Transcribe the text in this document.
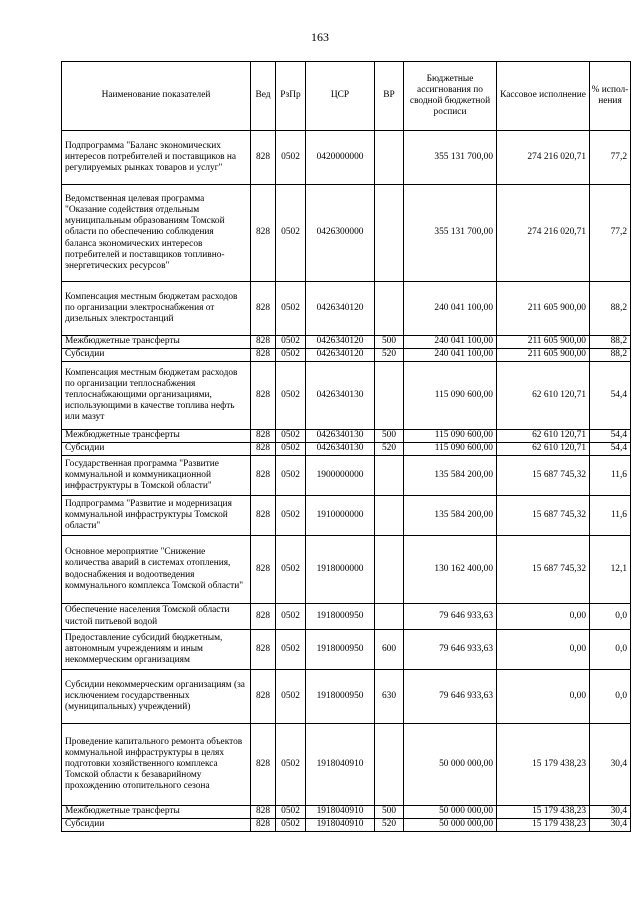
163
Наименование показателей	Вед	РзПр	ЦСР	ВР	Бюджетные ассигнования по сводной бюджетной росписи	Кассовое исполнение	% испол-нения
Подпрограмма "Баланс экономических интересов потребителей и поставщиков на регулируемых рынках товаров и услуг"	828	0502	0420000000		355 131 700,00	274 216 020,71	77,2
Ведомственная целевая программа "Оказание содействия отдельным муниципальным образованиям Томской области по обеспечению соблюдения баланса экономических интересов потребителей и поставщиков топливно-энергетических ресурсов"	828	0502	0426300000		355 131 700,00	274 216 020,71	77,2
Компенсация местным бюджетам расходов по организации электроснабжения от дизельных электростанций	828	0502	0426340120		240 041 100,00	211 605 900,00	88,2
Межбюджетные трансферты	828	0502	0426340120	500	240 041 100,00	211 605 900,00	88,2
Субсидии	828	0502	0426340120	520	240 041 100,00	211 605 900,00	88,2
Компенсация местным бюджетам расходов по организации теплоснабжения теплоснабжающими организациями, использующими в качестве топлива нефть или мазут	828	0502	0426340130		115 090 600,00	62 610 120,71	54,4
Межбюджетные трансферты	828	0502	0426340130	500	115 090 600,00	62 610 120,71	54,4
Субсидии	828	0502	0426340130	520	115 090 600,00	62 610 120,71	54,4
Государственная программа "Развитие коммунальной и коммуникационной инфраструктуры в Томской области"	828	0502	1900000000		135 584 200,00	15 687 745,32	11,6
Подпрограмма "Развитие и модернизация коммунальной инфраструктуры Томской области"	828	0502	1910000000		135 584 200,00	15 687 745,32	11,6
Основное мероприятие "Снижение количества аварий в системах отопления, водоснабжения и водоотведения коммунального комплекса Томской области"	828	0502	1918000000		130 162 400,00	15 687 745,32	12,1
Обеспечение населения Томской области чистой питьевой водой	828	0502	1918000950		79 646 933,63	0,00	0,0
Предоставление субсидий бюджетным, автономным учреждениям и иным некоммерческим организациям	828	0502	1918000950	600	79 646 933,63	0,00	0,0
Субсидии некоммерческим организациям (за исключением государственных (муниципальных) учреждений)	828	0502	1918000950	630	79 646 933,63	0,00	0,0
Проведение капитального ремонта объектов коммунальной инфраструктуры в целях подготовки хозяйственного комплекса Томской области к безаварийному прохождению отопительного сезона	828	0502	1918040910		50 000 000,00	15 179 438,23	30,4
Межбюджетные трансферты	828	0502	1918040910	500	50 000 000,00	15 179 438,23	30,4
Субсидии	828	0502	1918040910	520	50 000 000,00	15 179 438,23	30,4
